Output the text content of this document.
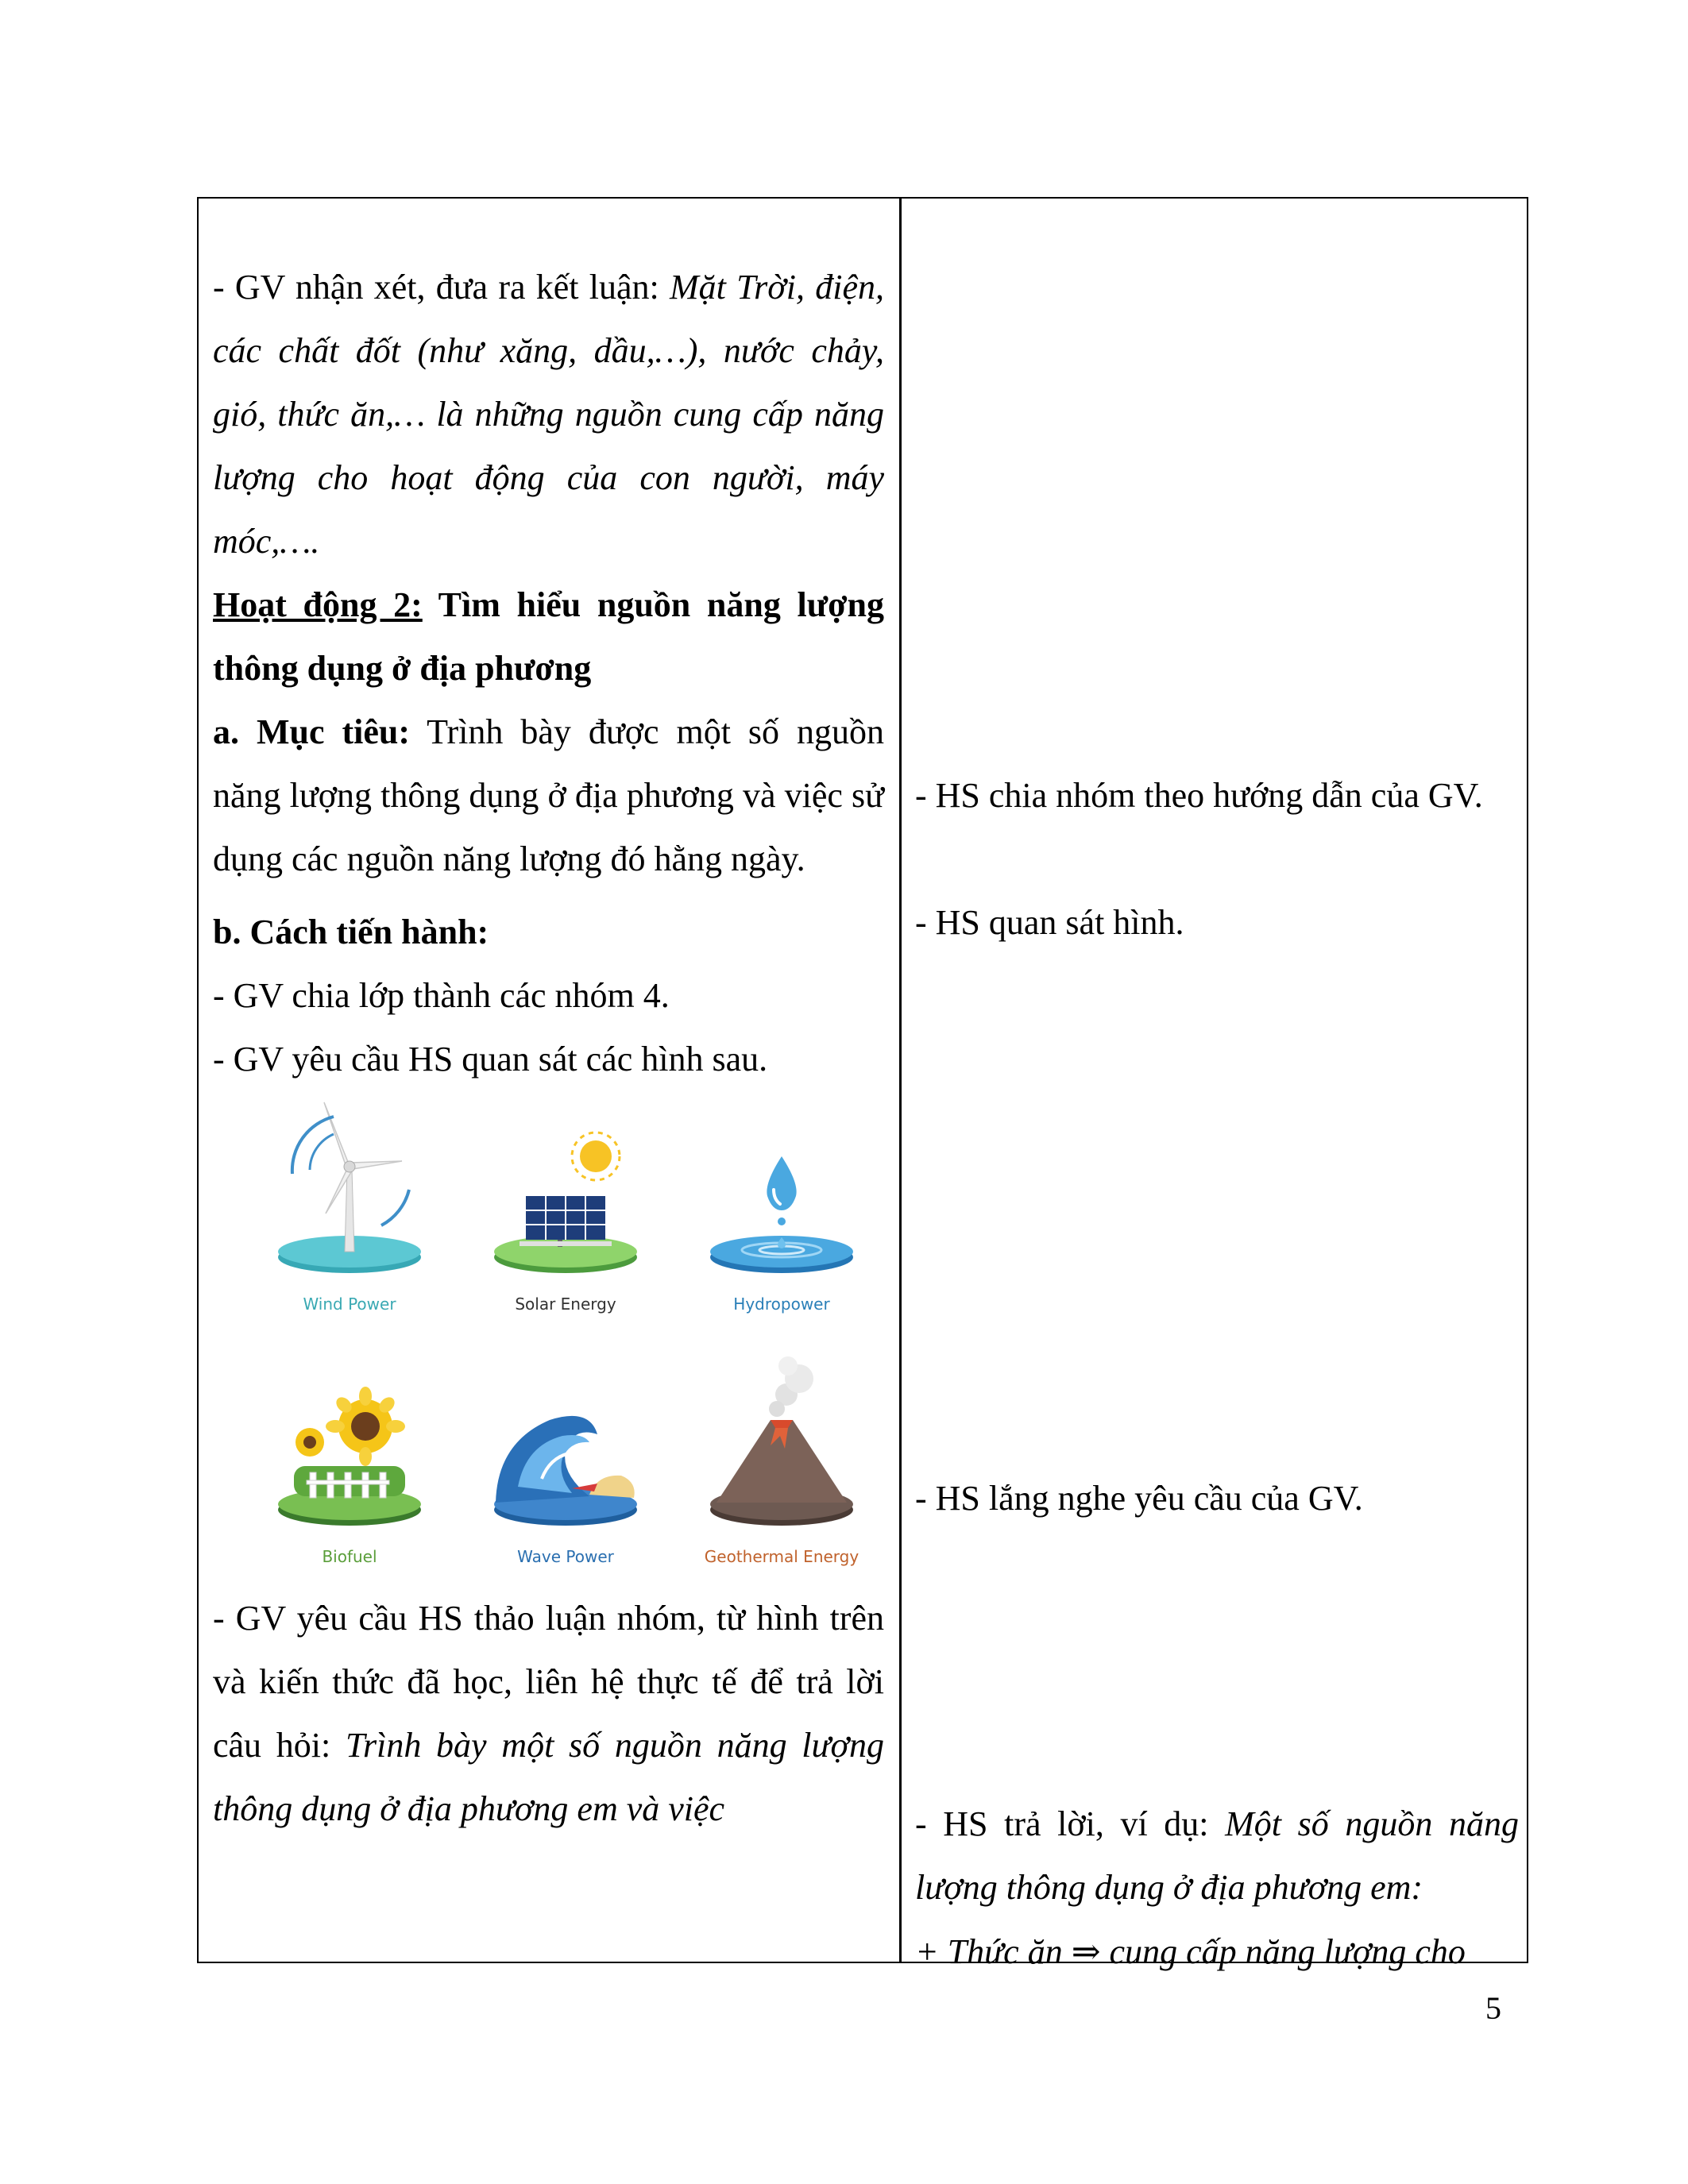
- GV nhận xét, đưa ra kết luận: Mặt Trời, điện, các chất đốt (như xăng, dầu,…), nước chảy, gió, thức ăn,… là những nguồn cung cấp năng lượng cho hoạt động của con người, máy móc,….

Hoạt động 2: Tìm hiểu nguồn năng lượng thông dụng ở địa phương

a. Mục tiêu: Trình bày được một số nguồn năng lượng thông dụng ở địa phương và việc sử dụng các nguồn năng lượng đó hằng ngày.

b. Cách tiến hành:

- GV chia lớp thành các nhóm 4.

- GV yêu cầu HS quan sát các hình sau.

Wind Power	Solar Energy	Hydropower
Biofuel	Wave Power	Geothermal Energy

- GV yêu cầu HS thảo luận nhóm, từ hình trên và kiến thức đã học, liên hệ thực tế để trả lời câu hỏi: Trình bày một số nguồn năng lượng thông dụng ở địa phương em và việc

- HS chia nhóm theo hướng dẫn của GV.

- HS quan sát hình.

- HS lắng nghe yêu cầu của GV.

- HS trả lời, ví dụ: Một số nguồn năng lượng thông dụng ở địa phương em:

+ Thức ăn ⇒ cung cấp năng lượng cho

5
